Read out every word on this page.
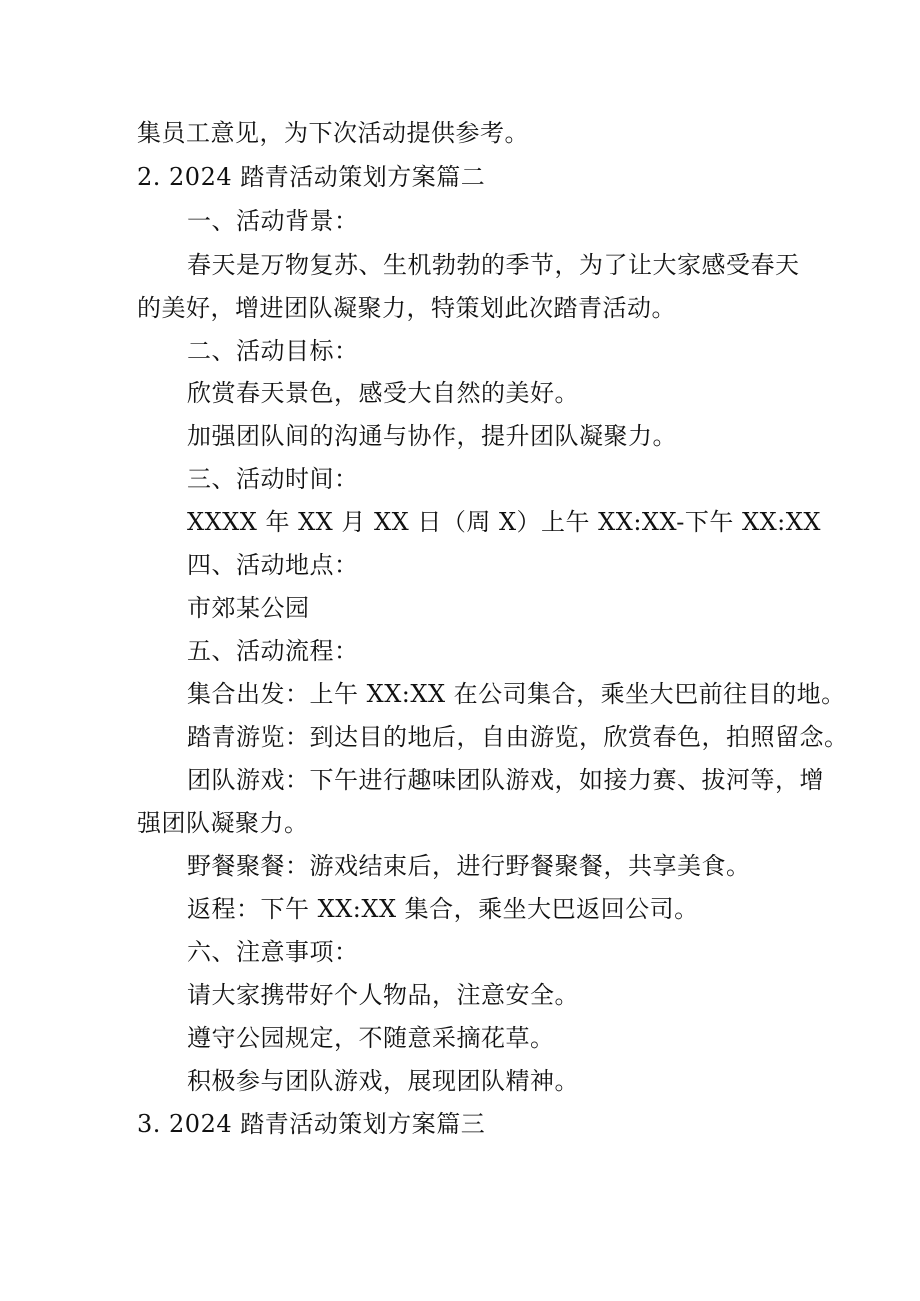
集员工意见，为下次活动提供参考。
2. 2024 踏青活动策划方案篇二
一、活动背景：
春天是万物复苏、生机勃勃的季节，为了让大家感受春天
的美好，增进团队凝聚力，特策划此次踏青活动。
二、活动目标：
欣赏春天景色，感受大自然的美好。
加强团队间的沟通与协作，提升团队凝聚力。
三、活动时间：
XXXX 年 XX 月 XX 日（周 X）上午 XX:XX-下午 XX:XX
四、活动地点：
市郊某公园
五、活动流程：
集合出发：上午 XX:XX 在公司集合，乘坐大巴前往目的地。
踏青游览：到达目的地后，自由游览，欣赏春色，拍照留念。
团队游戏：下午进行趣味团队游戏，如接力赛、拔河等，增
强团队凝聚力。
野餐聚餐：游戏结束后，进行野餐聚餐，共享美食。
返程：下午 XX:XX 集合，乘坐大巴返回公司。
六、注意事项：
请大家携带好个人物品，注意安全。
遵守公园规定，不随意采摘花草。
积极参与团队游戏，展现团队精神。
3. 2024 踏青活动策划方案篇三
